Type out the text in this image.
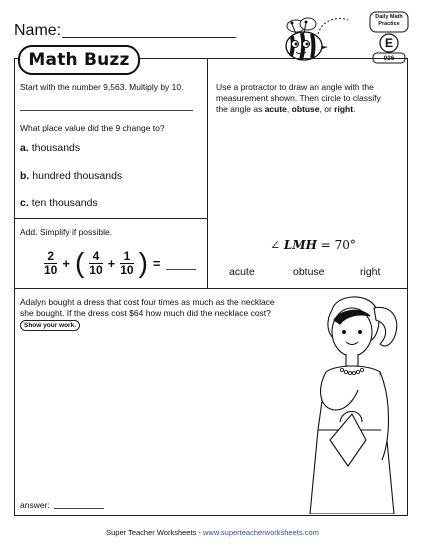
Name:
Math Buzz
Daily Math
Practice
E
036
Start with the number 9,563. Multiply by 10.
What place value did the 9 change to?
a. thousands
b. hundred thousands
c. ten thousands
Use a protractor to draw an angle with the
measurement shown. Then circle to classify
the angle as acute, obtuse, or right.
∠ LMH = 70°
acute	obtuse	right
Add. Simplify if possible.
$\frac{2}{10}$ + ( $\frac{4}{10} + \frac{1}{10}$ ) =
Adalyn bought a dress that cost four times as much as the necklace
she bought. If the dress cost $64 how much did the necklace cost?
Show your work.
answer:
Super Teacher Worksheets - www.superteacherworksheets.com
